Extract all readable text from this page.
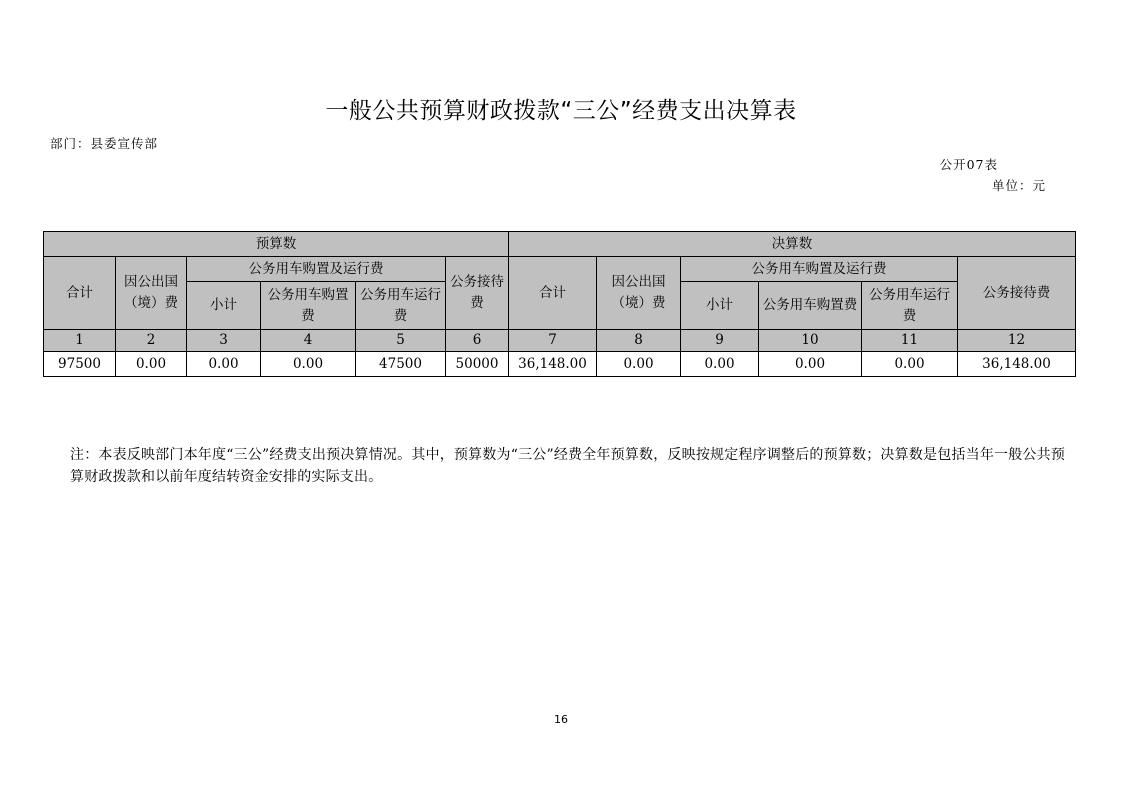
一般公共预算财政拨款“三公”经费支出决算表
部门：县委宣传部
公开07表
单位：元
预算数						决算数					
合计	因公出国（境）费	公务用车购置及运行费			公务接待费	合计	因公出国（境）费	公务用车购置及运行费			公务接待费
		小计	公务用车购置费	公务用车运行费				小计	公务用车购置费	公务用车运行费	
1	2	3	4	5	6	7	8	9	10	11	12
97500	0.00	0.00	0.00	47500	50000	36,148.00	0.00	0.00	0.00	0.00	36,148.00
注：本表反映部门本年度“三公”经费支出预决算情况。其中，预算数为“三公”经费全年预算数，反映按规定程序调整后的预算数；决算数是包括当年一般公共预算财政拨款和以前年度结转资金安排的实际支出。
16
